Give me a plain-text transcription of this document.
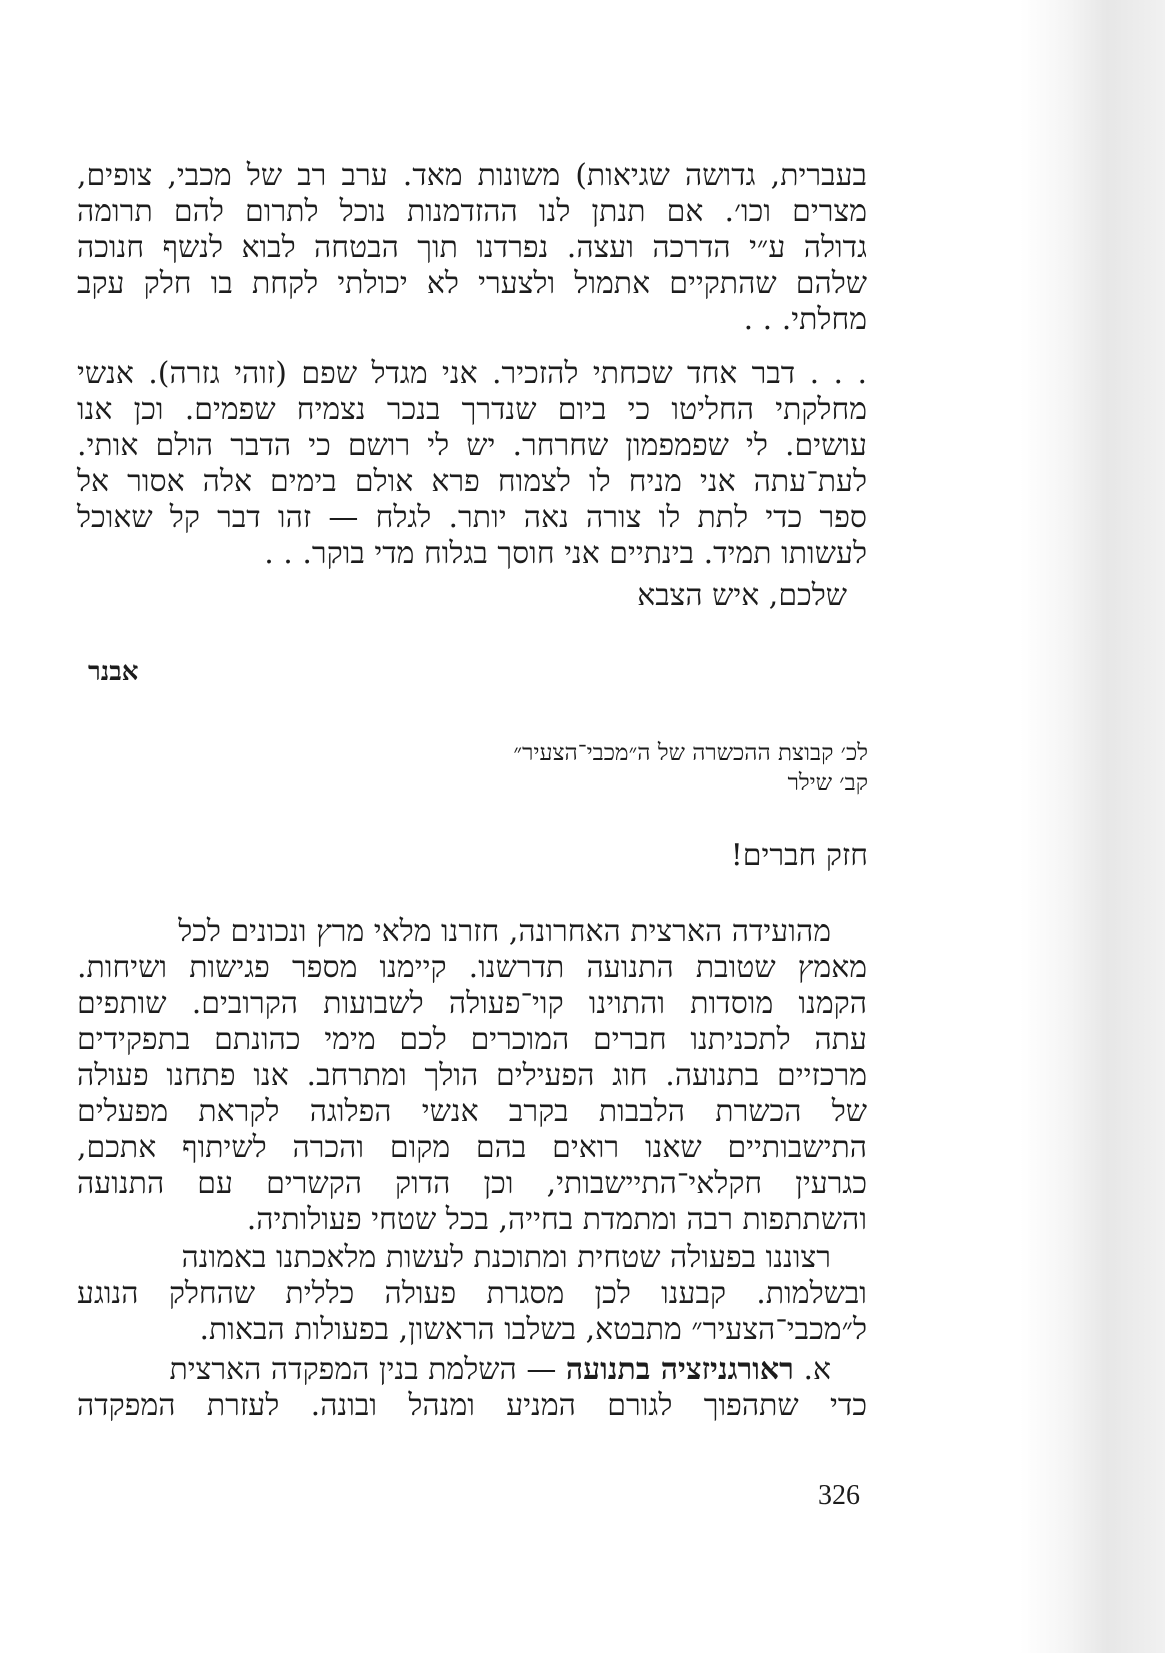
בעברית, גדושה שגיאות) משונות מאד. ערב רב של מכבי, צופים,
מצרים וכו׳. אם תנתן לנו ההזדמנות נוכל לתרום להם תרומה
גדולה ע״י הדרכה ועצה. נפרדנו תוך הבטחה לבוא לנשף חנוכה
שלהם שהתקיים אתמול ולצערי לא יכולתי לקחת בו חלק עקב
מחלתי. . .
. . . דבר אחד שכחתי להזכיר. אני מגדל שפם (זוהי גזרה). אנשי
מחלקתי החליטו כי ביום שנדרך בנכר נצמיח שפמים. וכן אנו
עושים. לי שפמפמון שחרחר. יש לי רושם כי הדבר הולם אותי.
לעת־עתה אני מניח לו לצמוח פרא אולם בימים אלה אסור אל
ספר כדי לתת לו צורה נאה יותר. לגלח — זהו דבר קל שאוכל
לעשותו תמיד. בינתיים אני חוסך בגלוח מדי בוקר. . .
שלכם, איש הצבא
אבנר
לכ׳ קבוצת ההכשרה של ה״מכבי־הצעיר״
קב׳ שילר
חזק חברים!
מהועידה הארצית האחרונה, חזרנו מלאי מרץ ונכונים לכל
מאמץ שטובת התנועה תדרשנו. קיימנו מספר פגישות ושיחות.
הקמנו מוסדות והתוינו קוי־פעולה לשבועות הקרובים. שותפים
עתה לתכניתנו חברים המוכרים לכם מימי כהונתם בתפקידים
מרכזיים בתנועה. חוג הפעילים הולך ומתרחב. אנו פתחנו פעולה
של הכשרת הלבבות בקרב אנשי הפלוגה לקראת מפעלים
התישבותיים שאנו רואים בהם מקום והכרה לשיתוף אתכם,
כגרעין חקלאי־התיישבותי, וכן הדוק הקשרים עם התנועה
והשתתפות רבה ומתמדת בחייה, בכל שטחי פעולותיה.
רצוננו בפעולה שטחית ומתוכנת לעשות מלאכתנו באמונה
ובשלמות. קבענו לכן מסגרת פעולה כללית שהחלק הנוגע
ל״מכבי־הצעיר״ מתבטא, בשלבו הראשון, בפעולות הבאות.
א. ראורגניזציה בתנועה — השלמת בנין המפקדה הארצית
כדי שתהפוך לגורם המניע ומנהל ובונה. לעזרת המפקדה
326
